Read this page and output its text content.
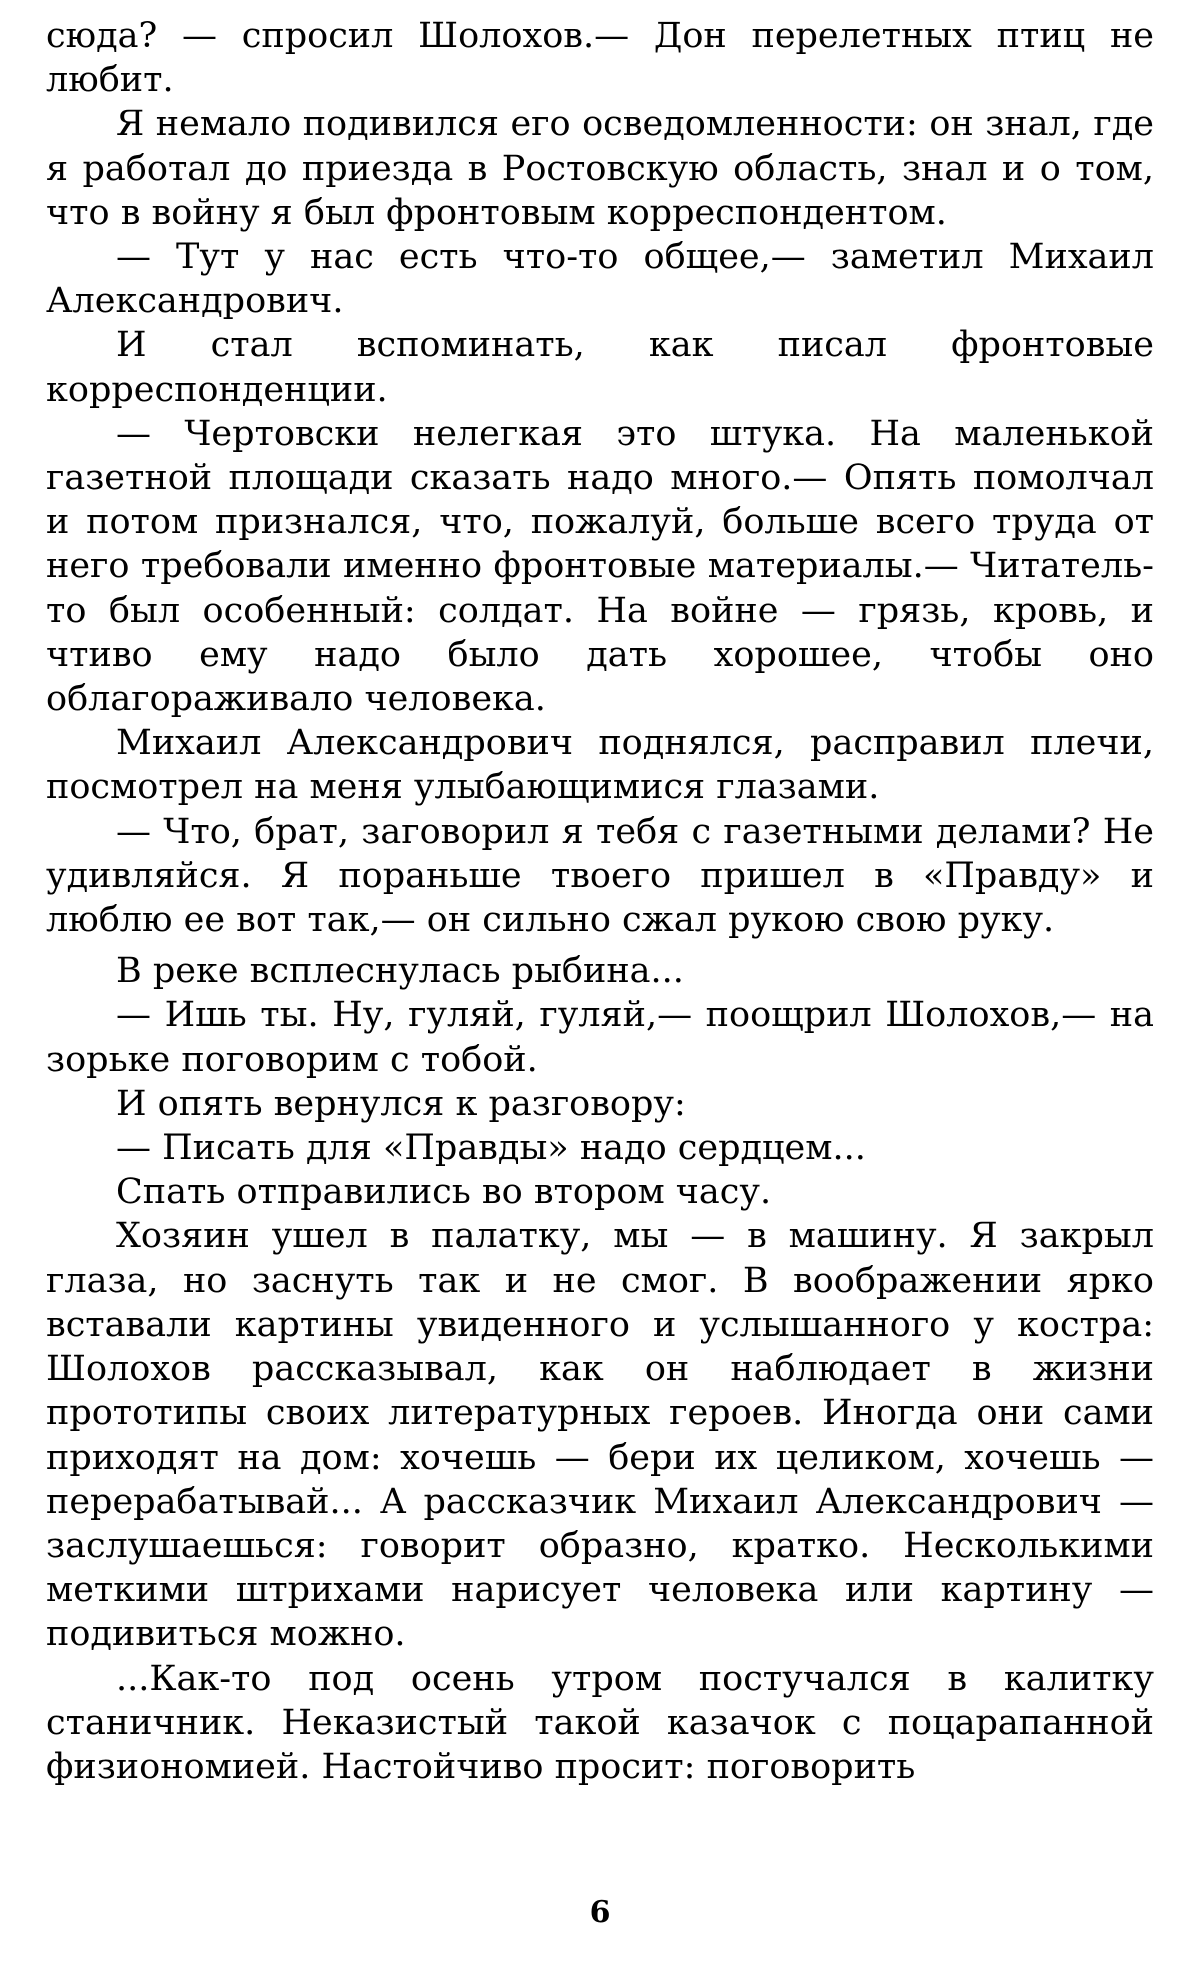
сюда? — спросил Шолохов.— Дон перелетных птиц не любит.

Я немало подивился его осведомленности: он знал, где я работал до приезда в Ростовскую область, знал и о том, что в войну я был фронтовым корреспондентом.

— Тут у нас есть что-то общее,— заметил Михаил Александрович.

И стал вспоминать, как писал фронтовые корреспонденции.

— Чертовски нелегкая это штука. На маленькой газетной площади сказать надо много.— Опять помолчал и потом признался, что, пожалуй, больше всего труда от него требовали именно фронтовые материалы.— Читатель-то был особенный: солдат. На войне — грязь, кровь, и чтиво ему надо было дать хорошее, чтобы оно облагораживало человека.

Михаил Александрович поднялся, расправил плечи, посмотрел на меня улыбающимися глазами.

— Что, брат, заговорил я тебя с газетными делами? Не удивляйся. Я пораньше твоего пришел в «Правду» и люблю ее вот так,— он сильно сжал рукою свою руку.

В реке всплеснулась рыбина...

— Ишь ты. Ну, гуляй, гуляй,— поощрил Шолохов,— на зорьке поговорим с тобой.

И опять вернулся к разговору:

— Писать для «Правды» надо сердцем...

Спать отправились во втором часу.

Хозяин ушел в палатку, мы — в машину. Я закрыл глаза, но заснуть так и не смог. В воображении ярко вставали картины увиденного и услышанного у костра: Шолохов рассказывал, как он наблюдает в жизни прототипы своих литературных героев. Иногда они сами приходят на дом: хочешь — бери их целиком, хочешь — перерабатывай... А рассказчик Михаил Александрович — заслушаешься: говорит образно, кратко. Несколькими меткими штрихами нарисует человека или картину — подивиться можно.

...Как-то под осень утром постучался в калитку станичник. Неказистый такой казачок с поцарапанной физиономией. Настойчиво просит: поговорить

6
